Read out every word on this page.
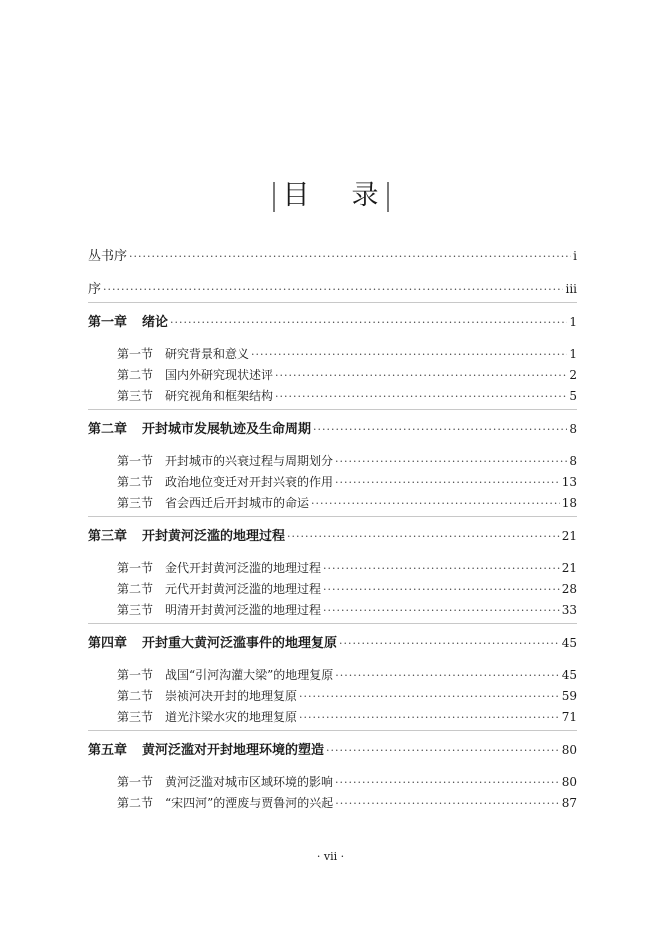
目 录
丛书序 ·····	i
序 ·····	iii
第一章	绪论 ·····	1
第一节 研究背景和意义 ·····	1
第二节 国内外研究现状述评 ·····	2
第三节 研究视角和框架结构 ·····	5
第二章	开封城市发展轨迹及生命周期 ·····	8
第一节 开封城市的兴衰过程与周期划分 ·····	8
第二节 政治地位变迁对开封兴衰的作用 ·····	13
第三节 省会西迁后开封城市的命运 ·····	18
第三章	开封黄河泛滥的地理过程 ·····	21
第一节 金代开封黄河泛滥的地理过程 ·····	21
第二节 元代开封黄河泛滥的地理过程 ·····	28
第三节 明清开封黄河泛滥的地理过程 ·····	33
第四章	开封重大黄河泛滥事件的地理复原 ·····	45
第一节 战国“引河沟灌大梁”的地理复原 ·····	45
第二节 崇祯河决开封的地理复原 ·····	59
第三节 道光汴梁水灾的地理复原 ·····	71
第五章	黄河泛滥对开封地理环境的塑造 ·····	80
第一节 黄河泛滥对城市区域环境的影响 ·····	80
第二节 “宋四河”的湮废与贾鲁河的兴起 ·····	87
· vii ·
